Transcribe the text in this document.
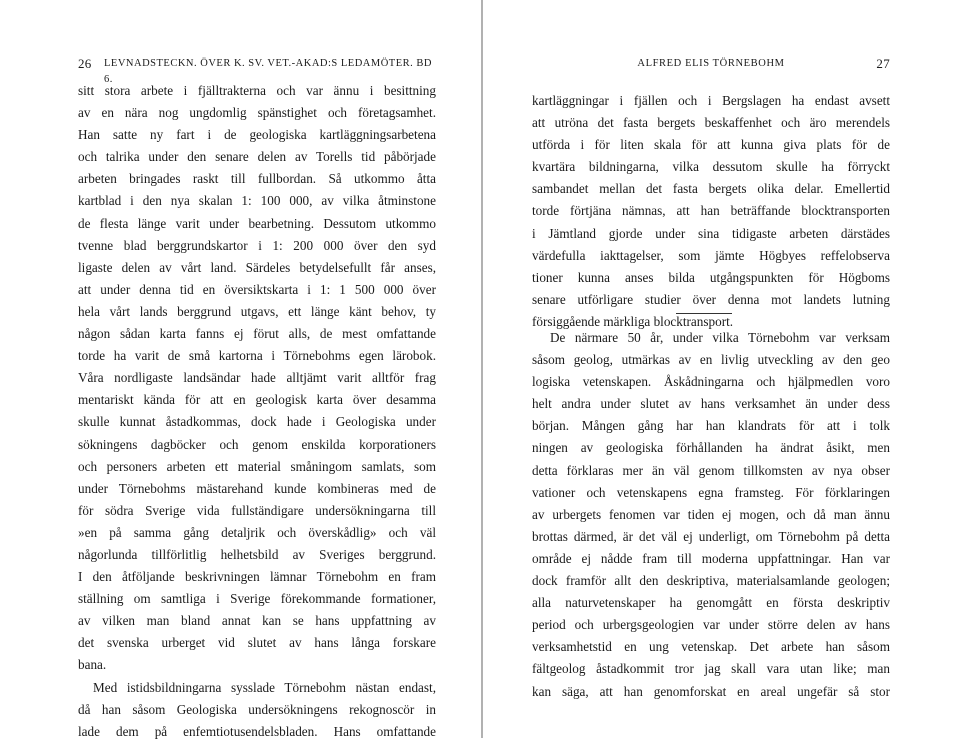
26 LEVNADSTECKN. ÖVER K. SV. VET.-AKAD:S LEDAMÖTER. BD 6.
sitt stora arbete i fjälltrakterna och var ännu i besittning
av en nära nog ungdomlig spänstighet och företagsamhet.
Han satte ny fart i de geologiska kartläggningsarbetena
och talrika under den senare delen av Torells tid påbörjade
arbeten bringades raskt till fullbordan. Så utkommo åtta
kartblad i den nya skalan 1: 100 000, av vilka åtminstone
de flesta länge varit under bearbetning. Dessutom utkommo
tvenne blad berggrundskartor i 1: 200 000 över den syd
ligaste delen av vårt land. Särdeles betydelsefullt får anses,
att under denna tid en översiktskarta i 1: 1 500 000 över
hela vårt lands berggrund utgavs, ett länge känt behov, ty
någon sådan karta fanns ej förut alls, de mest omfattande
torde ha varit de små kartorna i Törnebohms egen lärobok.
Våra nordligaste landsändar hade alltjämt varit alltför frag
mentariskt kända för att en geologisk karta över desamma
skulle kunnat åstadkommas, dock hade i Geologiska under
sökningens dagböcker och genom enskilda korporationers
och personers arbeten ett material småningom samlats, som
under Törnebohms mästarehand kunde kombineras med de
för södra Sverige vida fullständigare undersökningarna till
»en på samma gång detaljrik och överskådlig» och väl
någorlunda tillförlitlig helhetsbild av Sveriges berggrund.
I den åtföljande beskrivningen lämnar Törnebohm en fram
ställning om samtliga i Sverige förekommande formationer,
av vilken man bland annat kan se hans uppfattning av
det svenska urberget vid slutet av hans långa forskare
bana.
Med istidsbildningarna sysslade Törnebohm nästan endast,
då han såsom Geologiska undersökningens rekognoscör in
lade dem på enfemtiotusendelsbladen. Hans omfattande
ALFRED ELIS TÖRNEBOHM	27
kartläggningar i fjällen och i Bergslagen ha endast avsett
att utröna det fasta bergets beskaffenhet och äro merendels
utförda i för liten skala för att kunna giva plats för de
kvartära bildningarna, vilka dessutom skulle ha förryckt
sambandet mellan det fasta bergets olika delar. Emellertid
torde förtjäna nämnas, att han beträffande blocktransporten
i Jämtland gjorde under sina tidigaste arbeten därstädes
värdefulla iakttagelser, som jämte Högbyes reffelobserva
tioner kunna anses bilda utgångspunkten för Högboms
senare utförligare studier över denna mot landets lutning
försiggående märkliga blocktransport.
De närmare 50 år, under vilka Törnebohm var verksam
såsom geolog, utmärkas av en livlig utveckling av den geo
logiska vetenskapen. Åskådningarna och hjälpmedlen voro
helt andra under slutet av hans verksamhet än under dess
början. Mången gång har han klandrats för att i tolk
ningen av geologiska förhållanden ha ändrat åsikt, men
detta förklaras mer än väl genom tillkomsten av nya obser
vationer och vetenskapens egna framsteg. För förklaringen
av urbergets fenomen var tiden ej mogen, och då man ännu
brottas därmed, är det väl ej underligt, om Törnebohm på detta
område ej nådde fram till moderna uppfattningar. Han var
dock framför allt den deskriptiva, materialsamlande geologen;
alla naturvetenskaper ha genomgått en första deskriptiv
period och urbergsgeologien var under större delen av hans
verksamhetstid en ung vetenskap. Det arbete han såsom
fältgeolog åstadkommit tror jag skall vara utan like; man
kan säga, att han genomforskat en areal ungefär så stor
